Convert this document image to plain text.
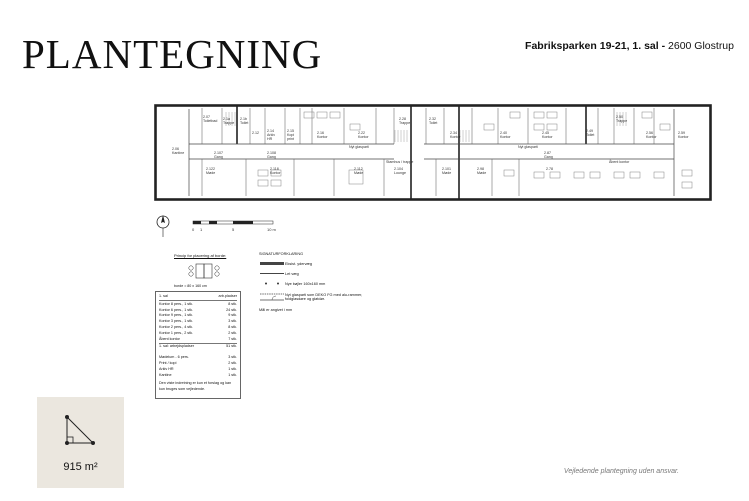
PLANTEGNING	Fabriksparken 19-21, 1. sal - 2600 Glostrup
2.07 Toiletbad 2.1a Trappe
2.1b Toilet
2.12 2.14 Arkiv HR
2.15 Kopi print
2.16 Kontor
2.22 Kontor
2.28 Trappe
2.32 Toilet
2.34 Kontor
2.40 Kontor
2.45 Kontor
2.49 Toilet
2.50 Trappe
2.56 Kontor
2.59 Kontor
2.06 Kantine	2.107 Gang
2.108 Gang
2.87 Gang
2.122 Møde
2.118 Kontor
2.112 Møde
2.104 Lounge
2.101 Møde
2.98 Møde
2.78
Stamhus / trappe
Nyt glasparti	Nyt glasparti
Åbent kontor
0 1	5	10 m
Princip for placering af borde:
borde = 80 x 160 cm
1. sal	arb.pladser
Kontor 8 pers., 1 stk.	8 stk.
Kontor 6 pers., 1 stk.	24 stk.
Kontor 9 pers., 1 stk.	9 stk.
Kontor 3 pers., 1 stk.	3 stk.
Kontor 2 pers., 4 stk.	8 stk.
Kontor 1 pers., 2 stk.	2 stk.
Åbent kontor	7 stk.
1. sal: arbejdspladser	51 stk.
Mødelum - 6 pers.	3 stk.
Print / kopi	2 stk.
Arkiv HR	1 stk.
Kantine	1 stk.
Den viste indretning er kun et forslag og kan kun bruges som vejledende.
SIGNATURFORKLARING
Eksist. ydervæg
Let væg
Nye bøjler 160x160 mm
Nyt glasparti som DEKO FG med alu-rammer, foldglasdøre og glatdør.
Mål er angivet i mm
915 m²	Vejledende plantegning uden ansvar.
